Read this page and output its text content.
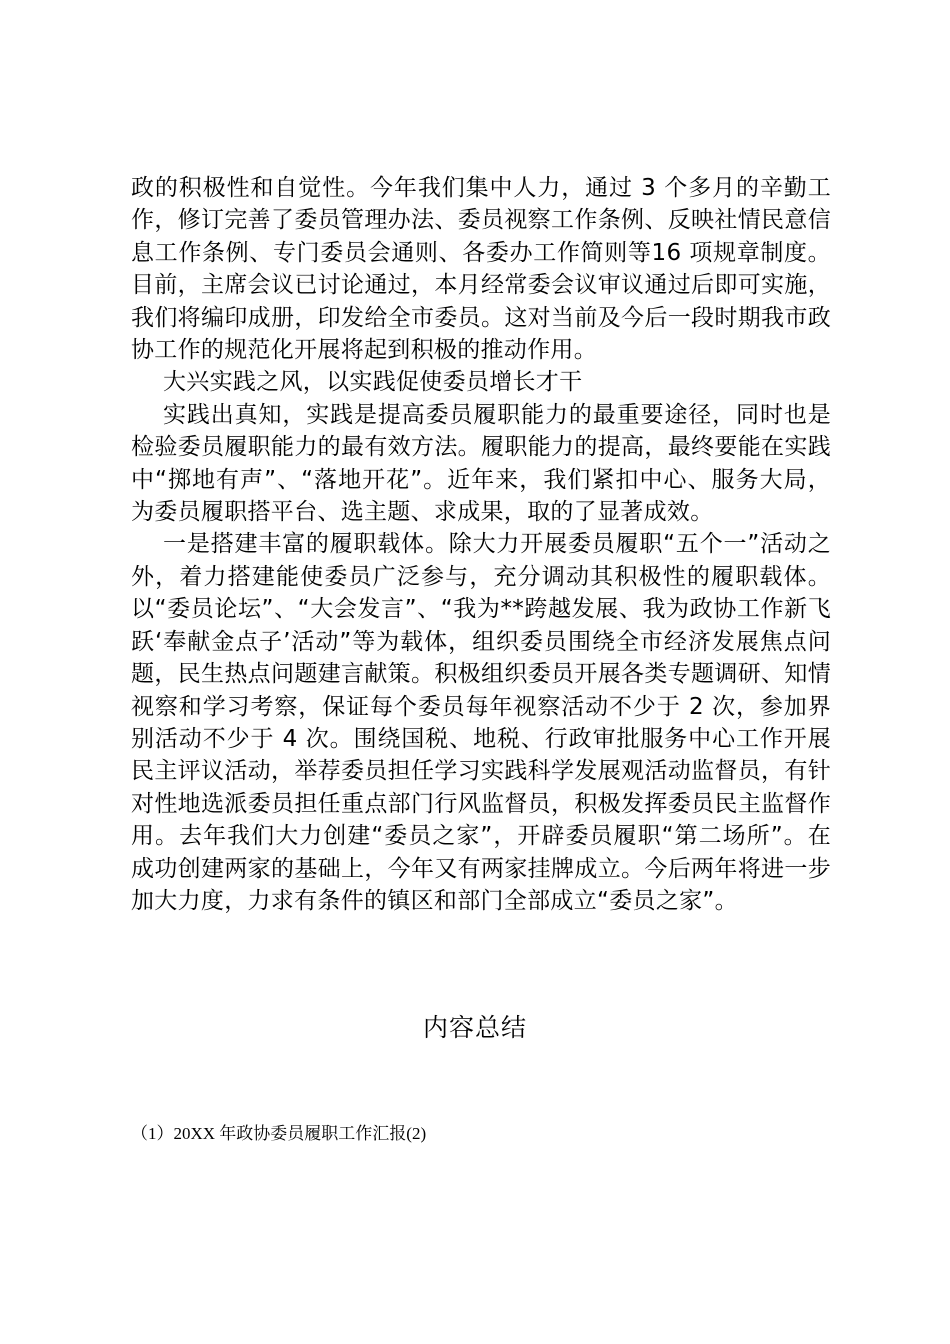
政的积极性和自觉性。今年我们集中人力，通过 3 个多月的辛勤工作，修订完善了委员管理办法、委员视察工作条例、反映社情民意信息工作条例、专门委员会通则、各委办工作简则等16 项规章制度。目前，主席会议已讨论通过，本月经常委会议审议通过后即可实施，我们将编印成册，印发给全市委员。这对当前及今后一段时期我市政协工作的规范化开展将起到积极的推动作用。

大兴实践之风，以实践促使委员增长才干

实践出真知，实践是提高委员履职能力的最重要途径，同时也是检验委员履职能力的最有效方法。履职能力的提高，最终要能在实践中“掷地有声”、“落地开花”。近年来，我们紧扣中心、服务大局，为委员履职搭平台、选主题、求成果，取的了显著成效。

一是搭建丰富的履职载体。除大力开展委员履职“五个一”活动之外，着力搭建能使委员广泛参与，充分调动其积极性的履职载体。以“委员论坛”、“大会发言”、“我为**跨越发展、我为政协工作新飞跃‘奉献金点子’活动”等为载体，组织委员围绕全市经济发展焦点问题，民生热点问题建言献策。积极组织委员开展各类专题调研、知情视察和学习考察，保证每个委员每年视察活动不少于 2 次，参加界别活动不少于 4 次。围绕国税、地税、行政审批服务中心工作开展民主评议活动，举荐委员担任学习实践科学发展观活动监督员，有针对性地选派委员担任重点部门行风监督员，积极发挥委员民主监督作用。去年我们大力创建“委员之家”，开辟委员履职“第二场所”。在成功创建两家的基础上，今年又有两家挂牌成立。今后两年将进一步加大力度，力求有条件的镇区和部门全部成立“委员之家”。

内容总结
（1）20XX 年政协委员履职工作汇报(2)
